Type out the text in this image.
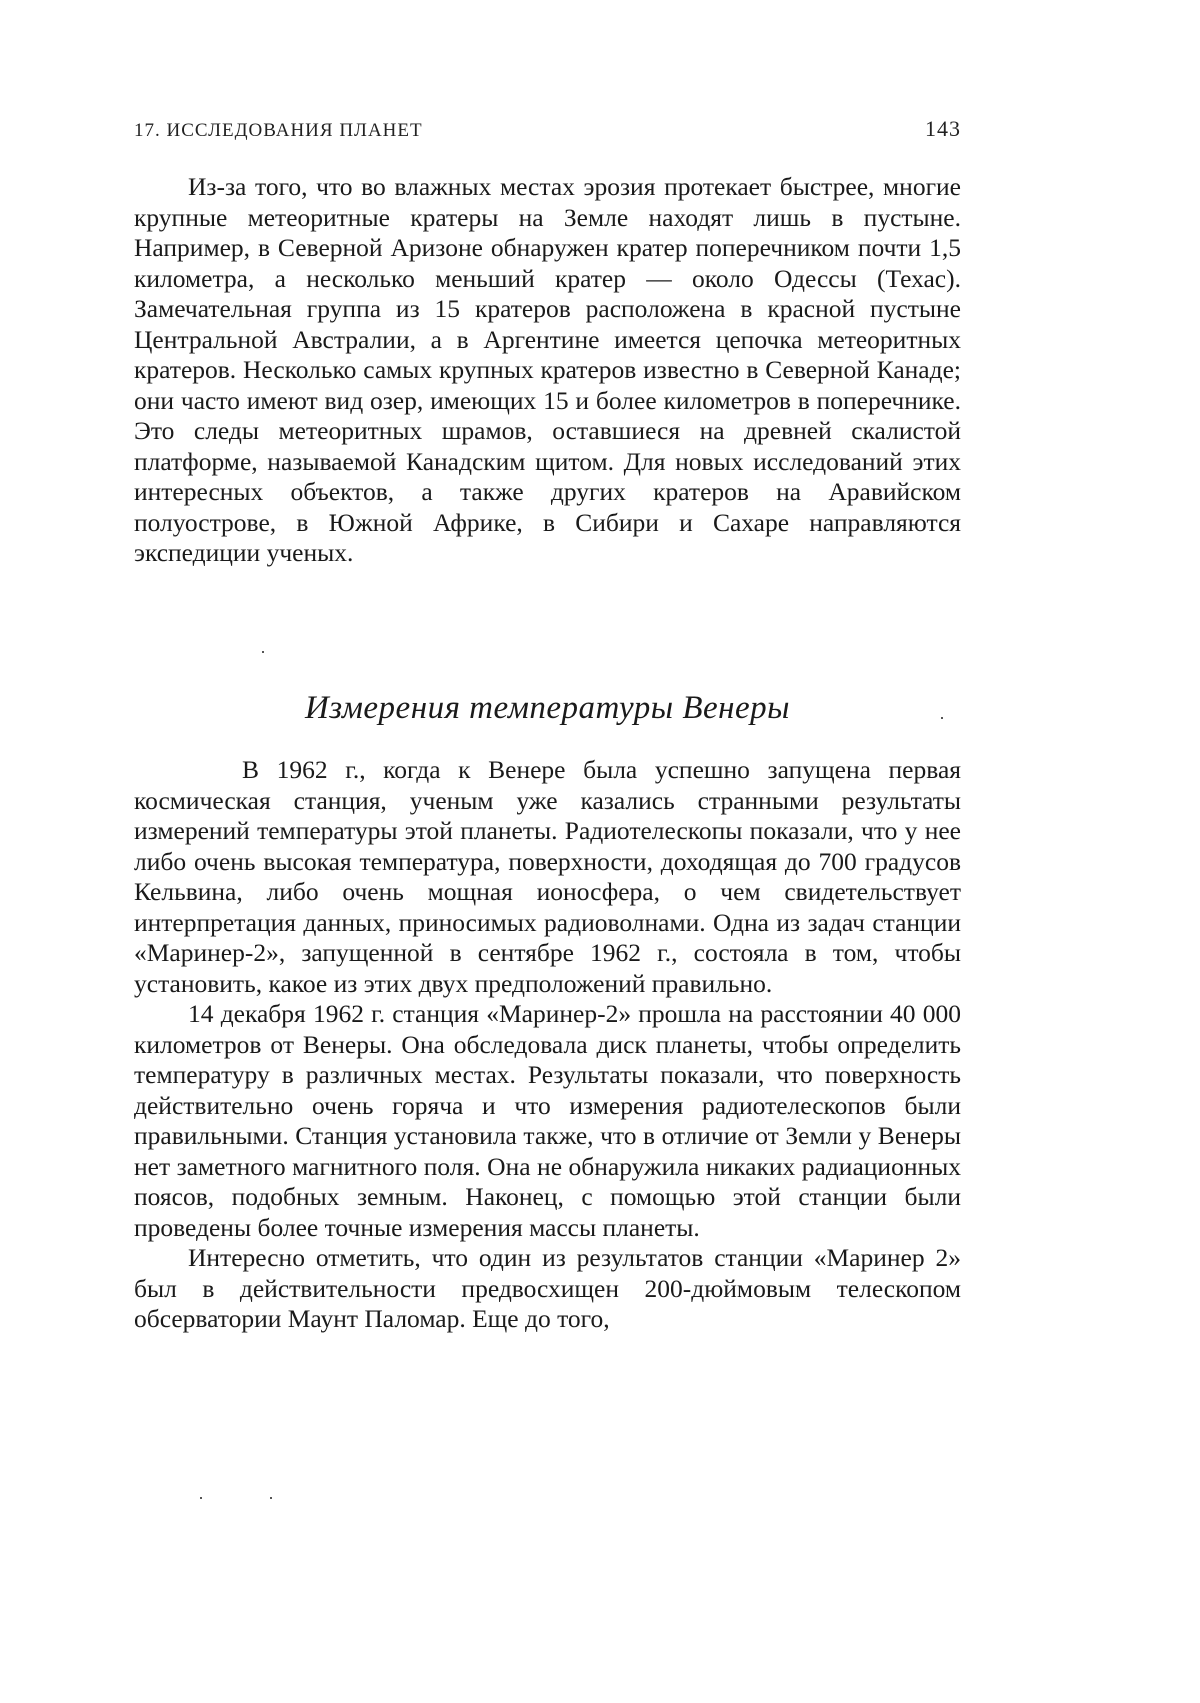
17. ИССЛЕДОВАНИЯ ПЛАНЕТ	143

Из-за того, что во влажных местах эрозия протекает быстрее, многие крупные метеоритные кратеры на Земле находят лишь в пустыне. Например, в Северной Аризоне обнаружен кратер поперечником почти 1,5 километра, а несколько меньший кратер — около Одессы (Техас). Замечательная группа из 15 кратеров расположена в красной пустыне Центральной Австралии, а в Аргентине имеется цепочка метеоритных кратеров. Несколько самых крупных кратеров известно в Северной Канаде; они часто имеют вид озер, имеющих 15 и более километров в поперечнике. Это следы метеоритных шрамов, оставшиеся на древней скалистой платформе, называемой Канадским щитом. Для новых исследований этих интересных объектов, а также других кратеров на Аравийском полуострове, в Южной Африке, в Сибири и Сахаре направляются экспедиции ученых.

Измерения температуры Венеры

В 1962 г., когда к Венере была успешно запущена первая космическая станция, ученым уже казались странными результаты измерений температуры этой планеты. Радиотелескопы показали, что у нее либо очень высокая температура, поверхности, доходящая до 700 градусов Кельвина, либо очень мощная ионосфера, о чем свидетельствует интерпретация данных, приносимых радиоволнами. Одна из задач станции «Маринер-2», запущенной в сентябре 1962 г., состояла в том, чтобы установить, какое из этих двух предположений правильно.

14 декабря 1962 г. станция «Маринер-2» прошла на расстоянии 40 000 километров от Венеры. Она обследовала диск планеты, чтобы определить температуру в различных местах. Результаты показали, что поверхность действительно очень горяча и что измерения радиотелескопов были правильными. Станция установила также, что в отличие от Земли у Венеры нет заметного магнитного поля. Она не обнаружила никаких радиационных поясов, подобных земным. Наконец, с помощью этой станции были проведены более точные измерения массы планеты.

Интересно отметить, что один из результатов станции «Маринер 2» был в действительности предвосхищен 200-дюймовым телескопом обсерватории Маунт Паломар. Еще до того,
